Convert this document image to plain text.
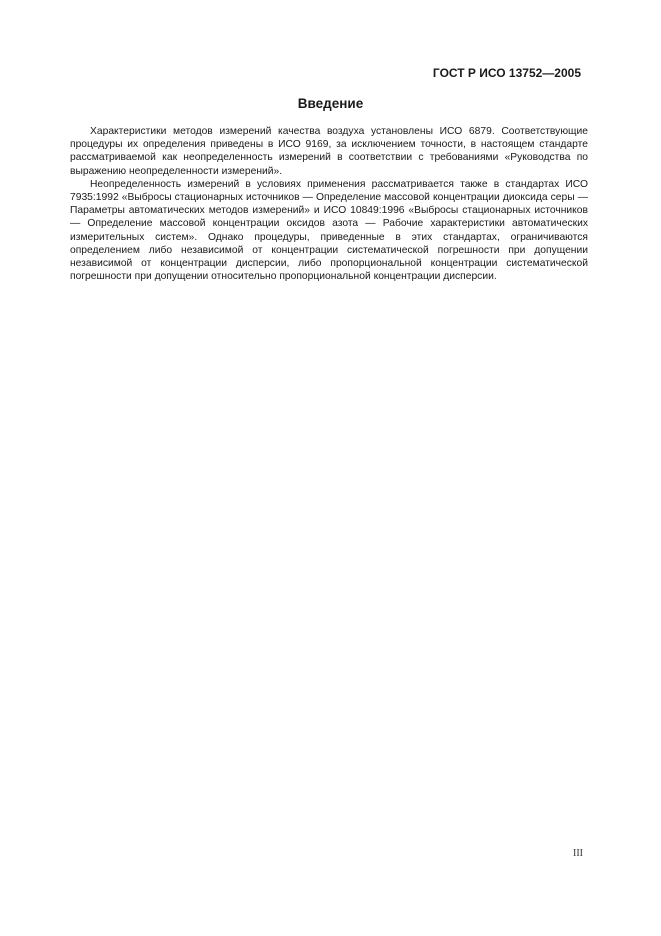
ГОСТ Р ИСО 13752—2005
Введение

Характеристики методов измерений качества воздуха установлены ИСО 6879. Соответствующие процедуры их определения приведены в ИСО 9169, за исключением точности, в настоящем стандарте рассматриваемой как неопределенность измерений в соответствии с требованиями «Руководства по выражению неопределенности измерений».

Неопределенность измерений в условиях применения рассматривается также в стандартах ИСО 7935:1992 «Выбросы стационарных источников — Определение массовой концентрации диоксида серы — Параметры автоматических методов измерений» и ИСО 10849:1996 «Выбросы стационарных источников — Определение массовой концентрации оксидов азота — Рабочие характеристики автоматических измерительных систем». Однако процедуры, приведенные в этих стандартах, ограничиваются определением либо независимой от концентрации систематической погрешности при допущении независимой от концентрации дисперсии, либо пропорциональной концентрации систематической погрешности при допущении относительно пропорциональной концентрации дисперсии.

III
